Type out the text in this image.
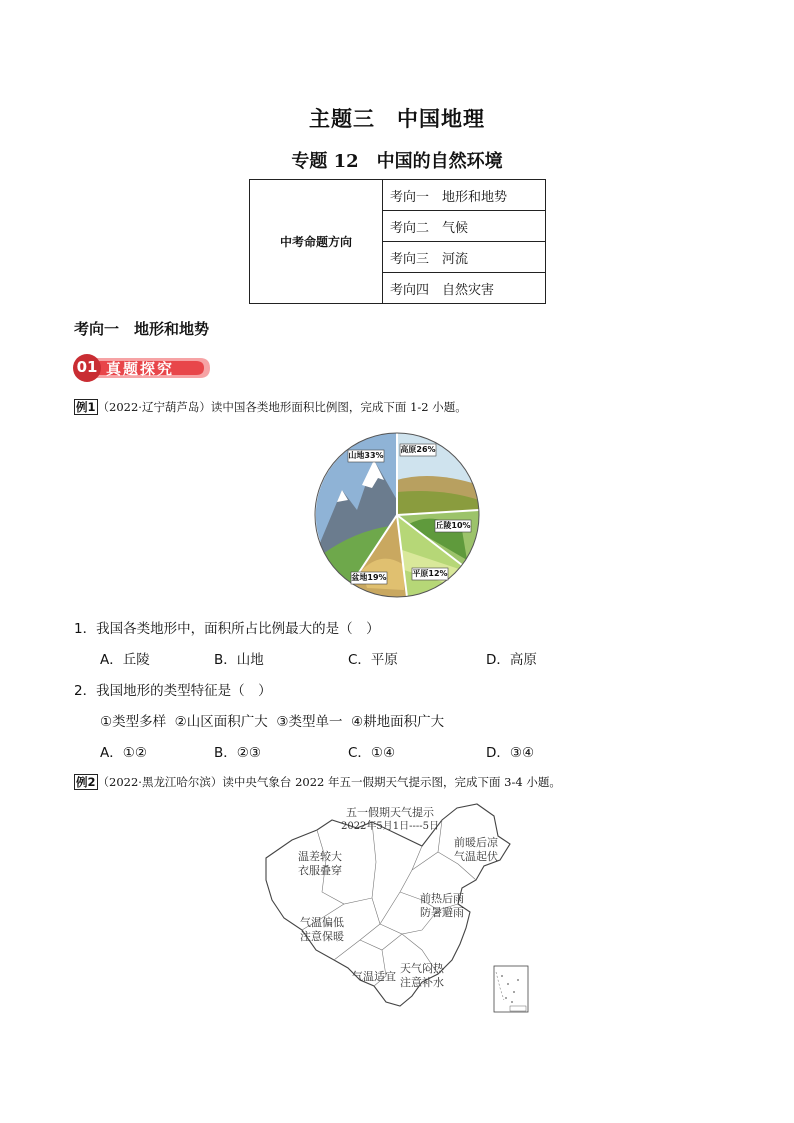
主题三　中国地理
专题 12　中国的自然环境
中考命题方向	考向一　地形和地势
考向二　气候
考向三　河流
考向四　自然灾害
考向一　地形和地势
01 真题探究
例1 （2022·辽宁葫芦岛）读中国各类地形面积比例图，完成下面 1-2 小题。
山地33%
高原26%
丘陵10%
平原12%
盆地19%
1．我国各类地形中，面积所占比例最大的是（　）
A．丘陵	B．山地	C．平原	D．高原
2．我国地形的类型特征是（　）
①类型多样  ②山区面积广大  ③类型单一  ④耕地面积广大
A．①②	B．②③	C．①④	D．③④
例2 （2022·黑龙江哈尔滨）读中央气象台 2022 年五一假期天气提示图，完成下面 3-4 小题。
五一假期天气提示
2022年5月1日----5日
温差较大
衣服叠穿
前暖后凉
气温起伏
前热后雨
防暑避雨
气温偏低
注意保暖
气温适宜
天气闷热
注意补水
